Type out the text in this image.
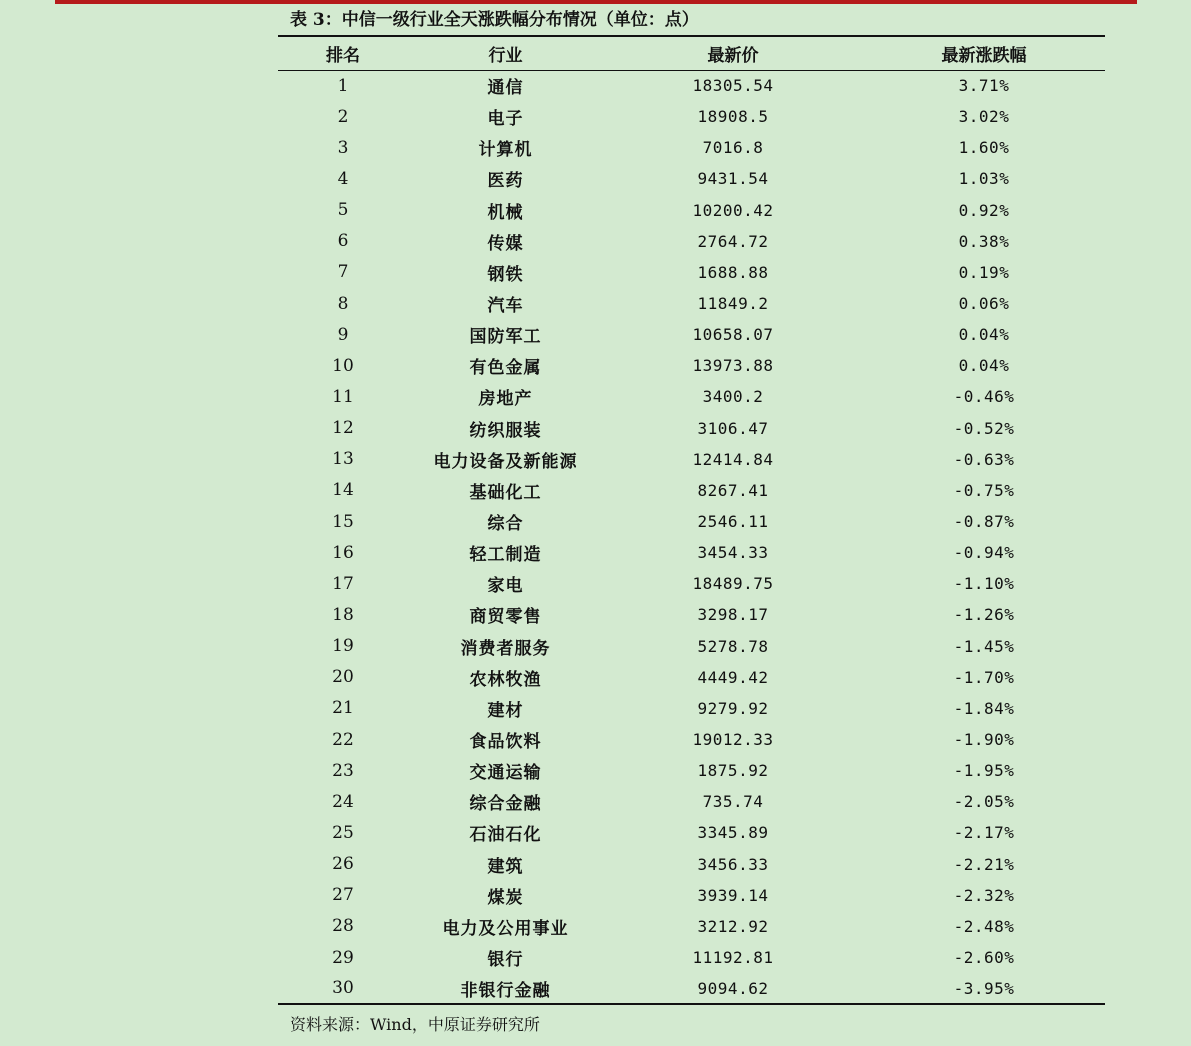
表 3：中信一级行业全天涨跌幅分布情况（单位：点）
排名	行业	最新价	最新涨跌幅
1	通信	18305.54	3.71%
2	电子	18908.5	3.02%
3	计算机	7016.8	1.60%
4	医药	9431.54	1.03%
5	机械	10200.42	0.92%
6	传媒	2764.72	0.38%
7	钢铁	1688.88	0.19%
8	汽车	11849.2	0.06%
9	国防军工	10658.07	0.04%
10	有色金属	13973.88	0.04%
11	房地产	3400.2	-0.46%
12	纺织服装	3106.47	-0.52%
13	电力设备及新能源	12414.84	-0.63%
14	基础化工	8267.41	-0.75%
15	综合	2546.11	-0.87%
16	轻工制造	3454.33	-0.94%
17	家电	18489.75	-1.10%
18	商贸零售	3298.17	-1.26%
19	消费者服务	5278.78	-1.45%
20	农林牧渔	4449.42	-1.70%
21	建材	9279.92	-1.84%
22	食品饮料	19012.33	-1.90%
23	交通运输	1875.92	-1.95%
24	综合金融	735.74	-2.05%
25	石油石化	3345.89	-2.17%
26	建筑	3456.33	-2.21%
27	煤炭	3939.14	-2.32%
28	电力及公用事业	3212.92	-2.48%
29	银行	11192.81	-2.60%
30	非银行金融	9094.62	-3.95%
资料来源：Wind，中原证券研究所
